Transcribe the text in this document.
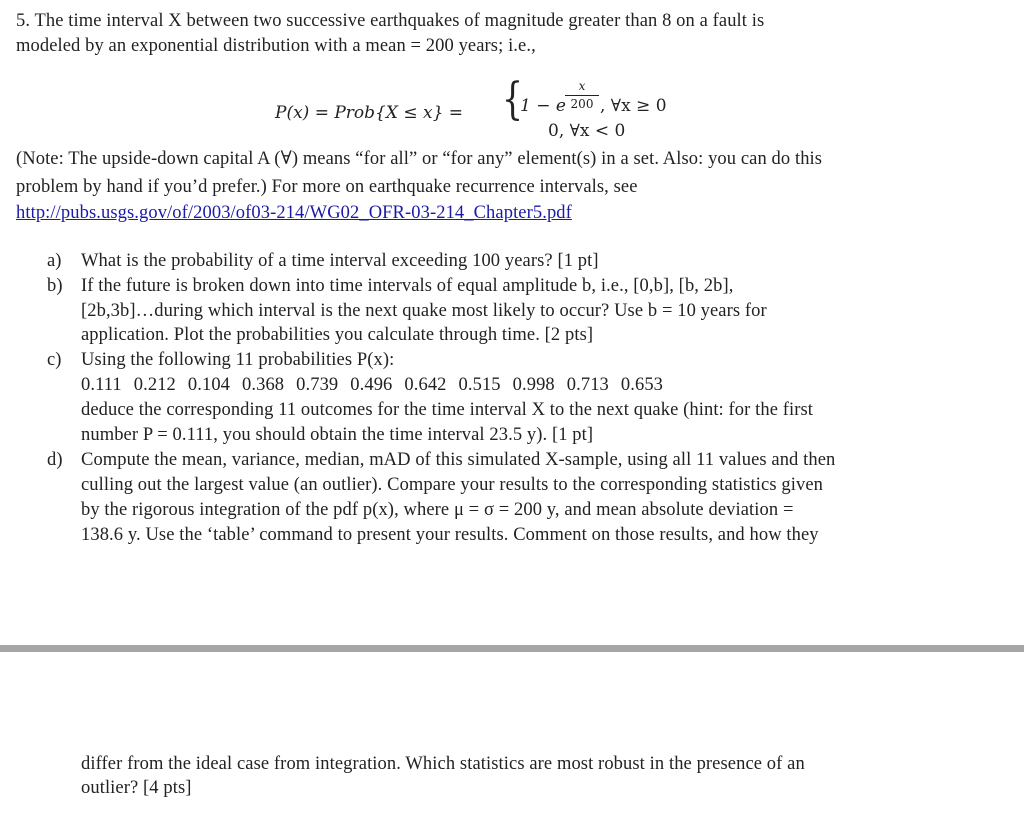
5. The time interval X between two successive earthquakes of magnitude greater than 8 on a fault is
modeled by an exponential distribution with a mean = 200 years; i.e.,
P(x) = Prob{X ≤ x} = {
1 − e
x
200 , ∀x ≥ 0
0, ∀x < 0
(Note: The upside-down capital A (∀) means “for all” or “for any” element(s) in a set. Also: you can do this
problem by hand if you’d prefer.) For more on earthquake recurrence intervals, see
http://pubs.usgs.gov/of/2003/of03-214/WG02_OFR-03-214_Chapter5.pdf
a) What is the probability of a time interval exceeding 100 years? [1 pt]
b) If the future is broken down into time intervals of equal amplitude b, i.e., [0,b], [b, 2b],
[2b,3b]…during which interval is the next quake most likely to occur? Use b = 10 years for
application. Plot the probabilities you calculate through time. [2 pts]
c) Using the following 11 probabilities P(x):
0.111 0.212 0.104 0.368 0.739 0.496 0.642 0.515 0.998 0.713 0.653
deduce the corresponding 11 outcomes for the time interval X to the next quake (hint: for the first
number P = 0.111, you should obtain the time interval 23.5 y). [1 pt]
d) Compute the mean, variance, median, mAD of this simulated X-sample, using all 11 values and then
culling out the largest value (an outlier). Compare your results to the corresponding statistics given
by the rigorous integration of the pdf p(x), where μ = σ = 200 y, and mean absolute deviation =
138.6 y. Use the ‘table’ command to present your results. Comment on those results, and how they
differ from the ideal case from integration. Which statistics are most robust in the presence of an
outlier? [4 pts]
